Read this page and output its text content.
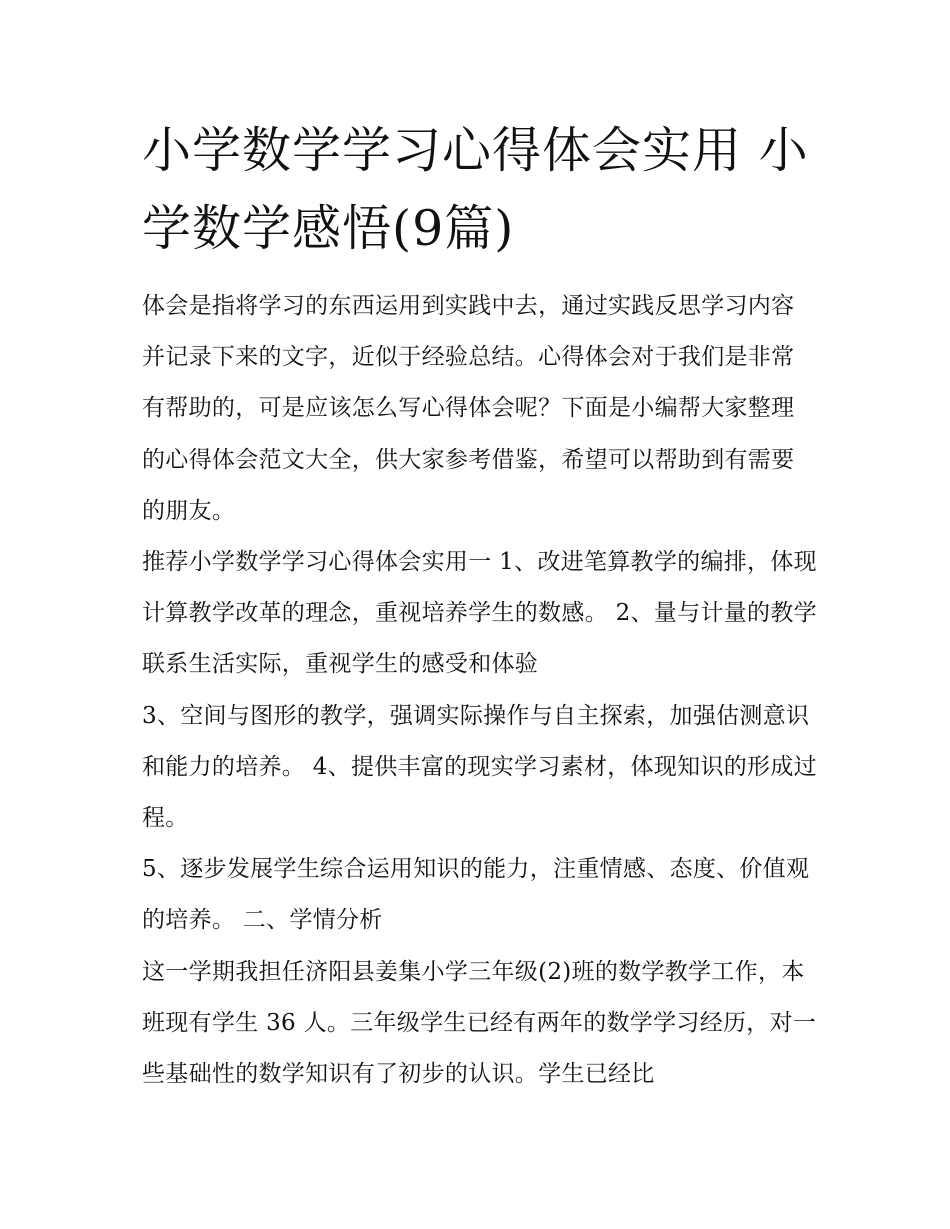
小学数学学习心得体会实用 小学数学感悟(9篇)

体会是指将学习的东西运用到实践中去，通过实践反思学习内容并记录下来的文字，近似于经验总结。心得体会对于我们是非常有帮助的，可是应该怎么写心得体会呢？下面是小编帮大家整理的心得体会范文大全，供大家参考借鉴，希望可以帮助到有需要的朋友。

推荐小学数学学习心得体会实用一 1、改进笔算教学的编排，体现计算教学改革的理念，重视培养学生的数感。 2、量与计量的教学联系生活实际，重视学生的感受和体验

3、空间与图形的教学，强调实际操作与自主探索，加强估测意识和能力的培养。 4、提供丰富的现实学习素材，体现知识的形成过程。

5、逐步发展学生综合运用知识的能力，注重情感、态度、价值观的培养。 二、学情分析

这一学期我担任济阳县姜集小学三年级(2)班的数学教学工作，本班现有学生 36 人。三年级学生已经有两年的数学学习经历，对一些基础性的数学知识有了初步的认识。学生已经比
